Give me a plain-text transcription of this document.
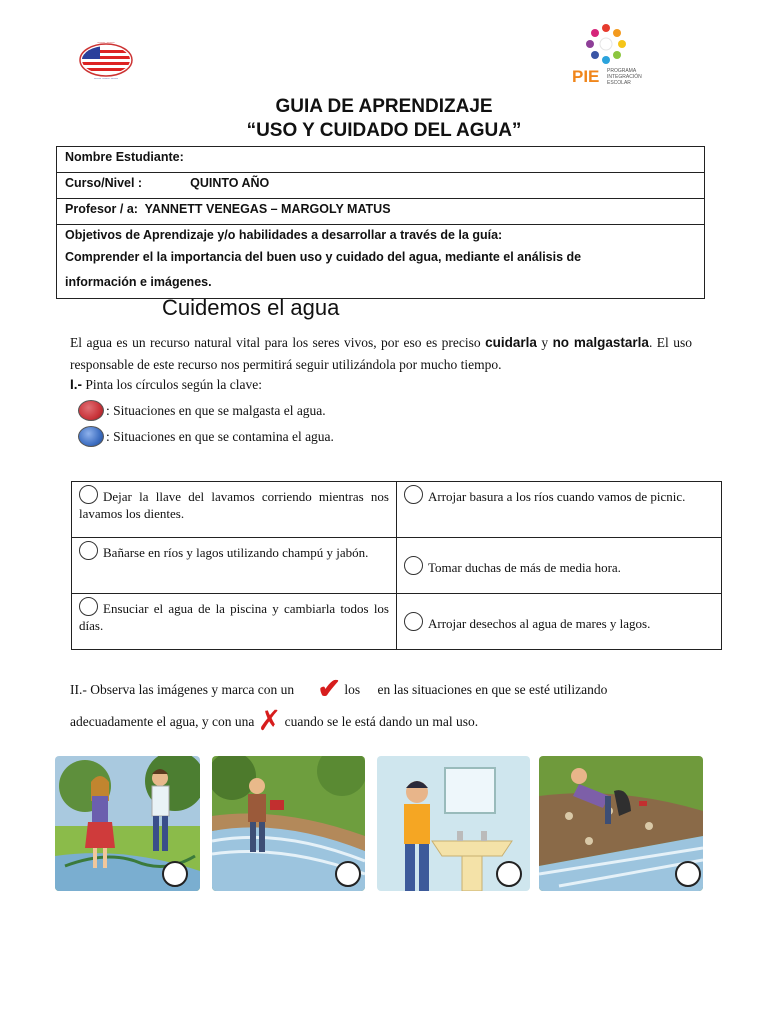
~~~ ~~~
~~~ ~~~ ~~~	PIE PROGRAMA
INTEGRACIÓN
ESCOLAR
GUIA DE APRENDIZAJE
“USO Y CUIDADO DEL AGUA”
Nombre Estudiante:
Curso/Nivel :	QUINTO AÑO
Profesor / a: YANNETT VENEGAS – MARGOLY MATUS

Objetivos de Aprendizaje y/o habilidades a desarrollar a través de la guía:
Comprender el la importancia del buen uso y cuidado del agua, mediante el análisis de
información e imágenes.
Cuidemos el agua
El agua es un recurso natural vital para los seres vivos, por eso es preciso cuidarla y no malgastarla. El uso responsable de este recurso nos permitirá seguir utilizándola por mucho tiempo.
I.- Pinta los círculos según la clave:
: Situaciones en que se malgasta el agua.
: Situaciones en que se contamina el agua.
Dejar la llave del lavamos corriendo mientras nos lavamos los dientes.	Arrojar basura a los ríos cuando vamos de picnic.
Bañarse en ríos y lagos utilizando champú y jabón.	Tomar duchas de más de media hora.
Ensuciar el agua de la piscina y cambiarla todos los días.	Arrojar desechos al agua de mares y lagos.
II.- Observa las imágenes y marca con un ✔ los en las situaciones en que se esté utilizando
adecuadamente el agua, y con una ✗ cuando se le está dando un mal uso.
